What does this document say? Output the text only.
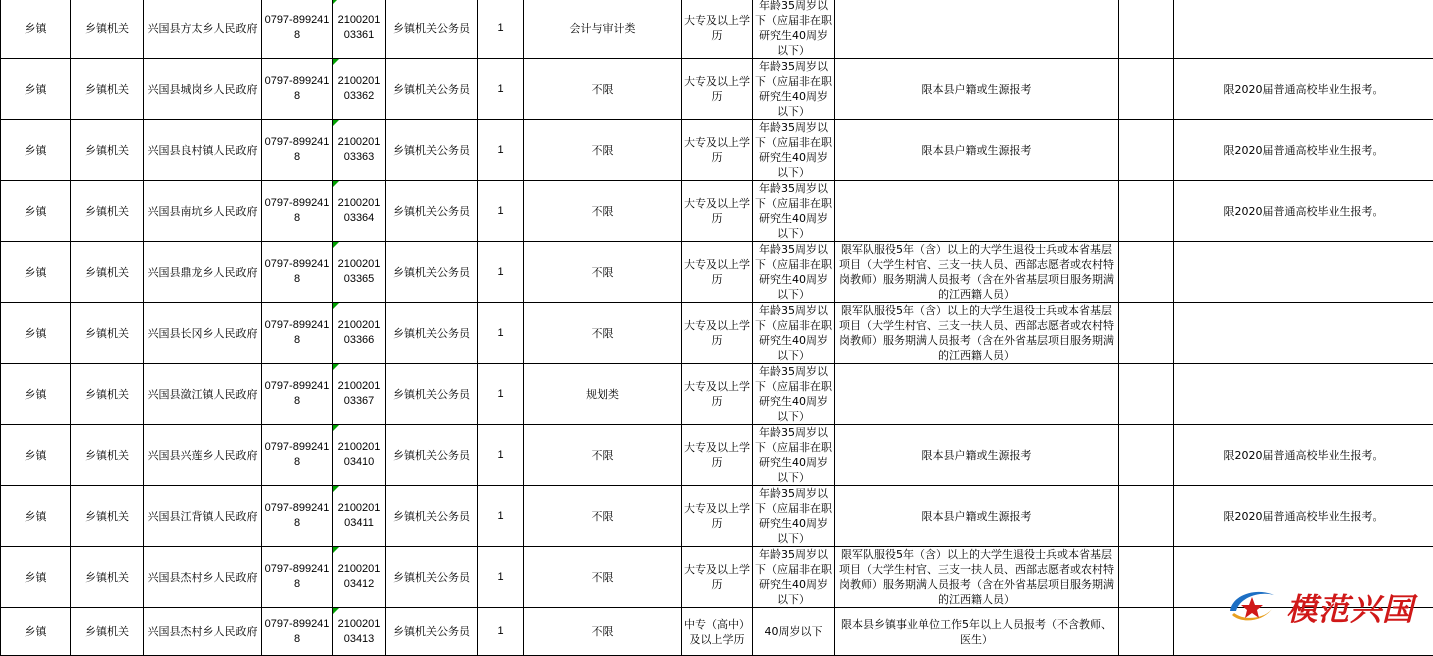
乡镇	乡镇机关	兴国县方太乡人民政府	0797-8992418	210020103361	乡镇机关公务员	1	会计与审计类	大专及以上学历	年龄35周岁以下（应届非在职研究生40周岁以下）			
乡镇	乡镇机关	兴国县城岗乡人民政府	0797-8992418	210020103362	乡镇机关公务员	1	不限	大专及以上学历	年龄35周岁以下（应届非在职研究生40周岁以下）	限本县户籍或生源报考		限2020届普通高校毕业生报考。
乡镇	乡镇机关	兴国县良村镇人民政府	0797-8992418	210020103363	乡镇机关公务员	1	不限	大专及以上学历	年龄35周岁以下（应届非在职研究生40周岁以下）	限本县户籍或生源报考		限2020届普通高校毕业生报考。
乡镇	乡镇机关	兴国县南坑乡人民政府	0797-8992418	210020103364	乡镇机关公务员	1	不限	大专及以上学历	年龄35周岁以下（应届非在职研究生40周岁以下）			限2020届普通高校毕业生报考。
乡镇	乡镇机关	兴国县鼎龙乡人民政府	0797-8992418	210020103365	乡镇机关公务员	1	不限	大专及以上学历	年龄35周岁以下（应届非在职研究生40周岁以下）	限军队服役5年（含）以上的大学生退役士兵或本省基层项目（大学生村官、三支一扶人员、西部志愿者或农村特岗教师）服务期满人员报考（含在外省基层项目服务期满的江西籍人员）		
乡镇	乡镇机关	兴国县长冈乡人民政府	0797-8992418	210020103366	乡镇机关公务员	1	不限	大专及以上学历	年龄35周岁以下（应届非在职研究生40周岁以下）	限军队服役5年（含）以上的大学生退役士兵或本省基层项目（大学生村官、三支一扶人员、西部志愿者或农村特岗教师）服务期满人员报考（含在外省基层项目服务期满的江西籍人员）		
乡镇	乡镇机关	兴国县潋江镇人民政府	0797-8992418	210020103367	乡镇机关公务员	1	规划类	大专及以上学历	年龄35周岁以下（应届非在职研究生40周岁以下）			
乡镇	乡镇机关	兴国县兴莲乡人民政府	0797-8992418	210020103410	乡镇机关公务员	1	不限	大专及以上学历	年龄35周岁以下（应届非在职研究生40周岁以下）	限本县户籍或生源报考		限2020届普通高校毕业生报考。
乡镇	乡镇机关	兴国县江背镇人民政府	0797-8992418	210020103411	乡镇机关公务员	1	不限	大专及以上学历	年龄35周岁以下（应届非在职研究生40周岁以下）	限本县户籍或生源报考		限2020届普通高校毕业生报考。
乡镇	乡镇机关	兴国县杰村乡人民政府	0797-8992418	210020103412	乡镇机关公务员	1	不限	大专及以上学历	年龄35周岁以下（应届非在职研究生40周岁以下）	限军队服役5年（含）以上的大学生退役士兵或本省基层项目（大学生村官、三支一扶人员、西部志愿者或农村特岗教师）服务期满人员报考（含在外省基层项目服务期满的江西籍人员）		
乡镇	乡镇机关	兴国县杰村乡人民政府	0797-8992418	210020103413	乡镇机关公务员	1	不限	中专（高中）及以上学历	40周岁以下	限本县乡镇事业单位工作5年以上人员报考（不含教师、医生）		
模范兴国
